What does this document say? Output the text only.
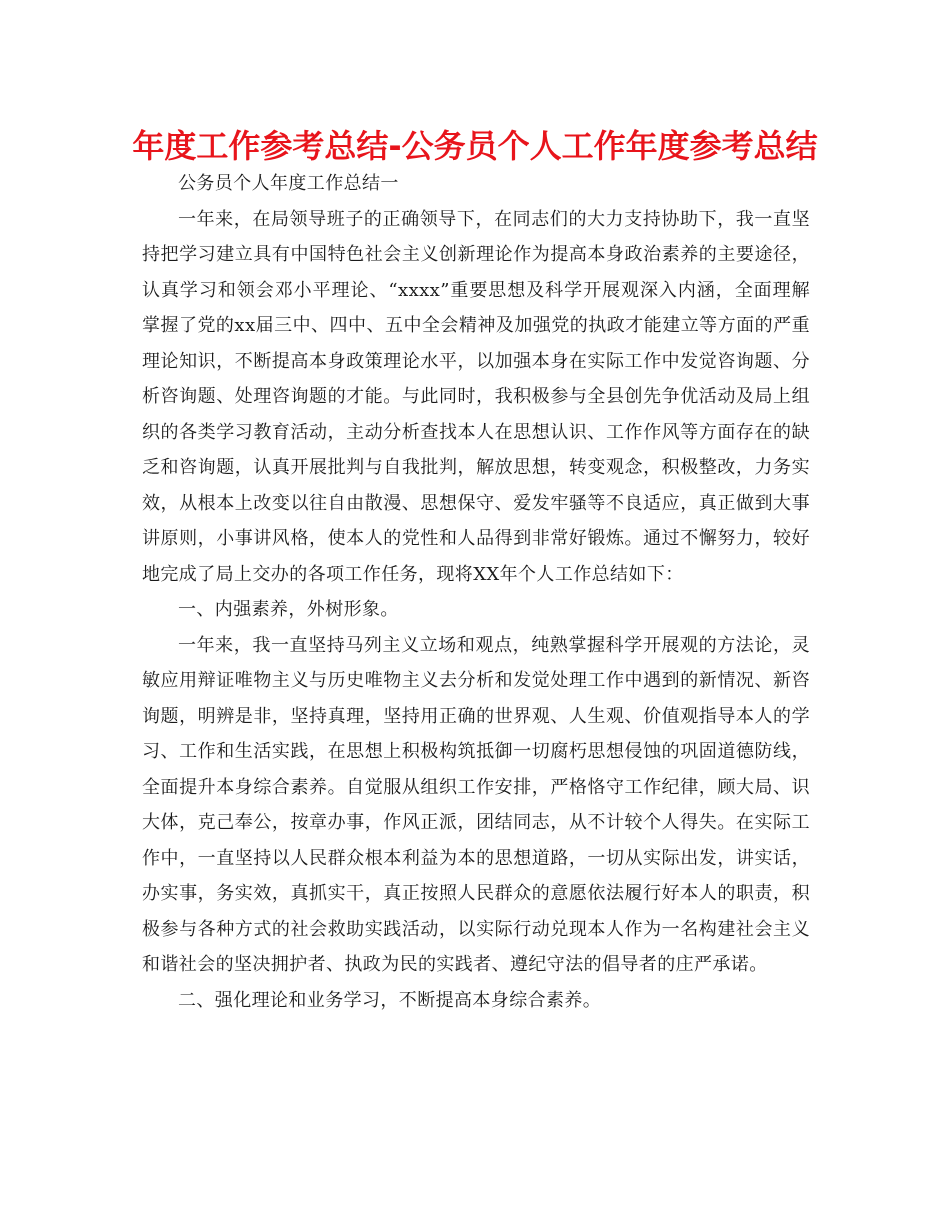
年度工作参考总结-公务员个人工作年度参考总结

公务员个人年度工作总结一

一年来，在局领导班子的正确领导下，在同志们的大力支持协助下，我一直坚持把学习建立具有中国特色社会主义创新理论作为提高本身政治素养的主要途径，认真学习和领会邓小平理论、“xxxx”重要思想及科学开展观深入内涵，全面理解掌握了党的xx届三中、四中、五中全会精神及加强党的执政才能建立等方面的严重理论知识，不断提高本身政策理论水平，以加强本身在实际工作中发觉咨询题、分析咨询题、处理咨询题的才能。与此同时，我积极参与全县创先争优活动及局上组织的各类学习教育活动，主动分析查找本人在思想认识、工作作风等方面存在的缺乏和咨询题，认真开展批判与自我批判，解放思想，转变观念，积极整改，力务实效，从根本上改变以往自由散漫、思想保守、爱发牢骚等不良适应，真正做到大事讲原则，小事讲风格，使本人的党性和人品得到非常好锻炼。通过不懈努力，较好地完成了局上交办的各项工作任务，现将XX年个人工作总结如下：

一、内强素养，外树形象。

一年来，我一直坚持马列主义立场和观点，纯熟掌握科学开展观的方法论，灵敏应用辩证唯物主义与历史唯物主义去分析和发觉处理工作中遇到的新情况、新咨询题，明辨是非，坚持真理，坚持用正确的世界观、人生观、价值观指导本人的学习、工作和生活实践，在思想上积极构筑抵御一切腐朽思想侵蚀的巩固道德防线，全面提升本身综合素养。自觉服从组织工作安排，严格恪守工作纪律，顾大局、识大体，克己奉公，按章办事，作风正派，团结同志，从不计较个人得失。在实际工作中，一直坚持以人民群众根本利益为本的思想道路，一切从实际出发，讲实话，办实事，务实效，真抓实干，真正按照人民群众的意愿依法履行好本人的职责，积极参与各种方式的社会救助实践活动，以实际行动兑现本人作为一名构建社会主义和谐社会的坚决拥护者、执政为民的实践者、遵纪守法的倡导者的庄严承诺。

二、强化理论和业务学习，不断提高本身综合素养。
